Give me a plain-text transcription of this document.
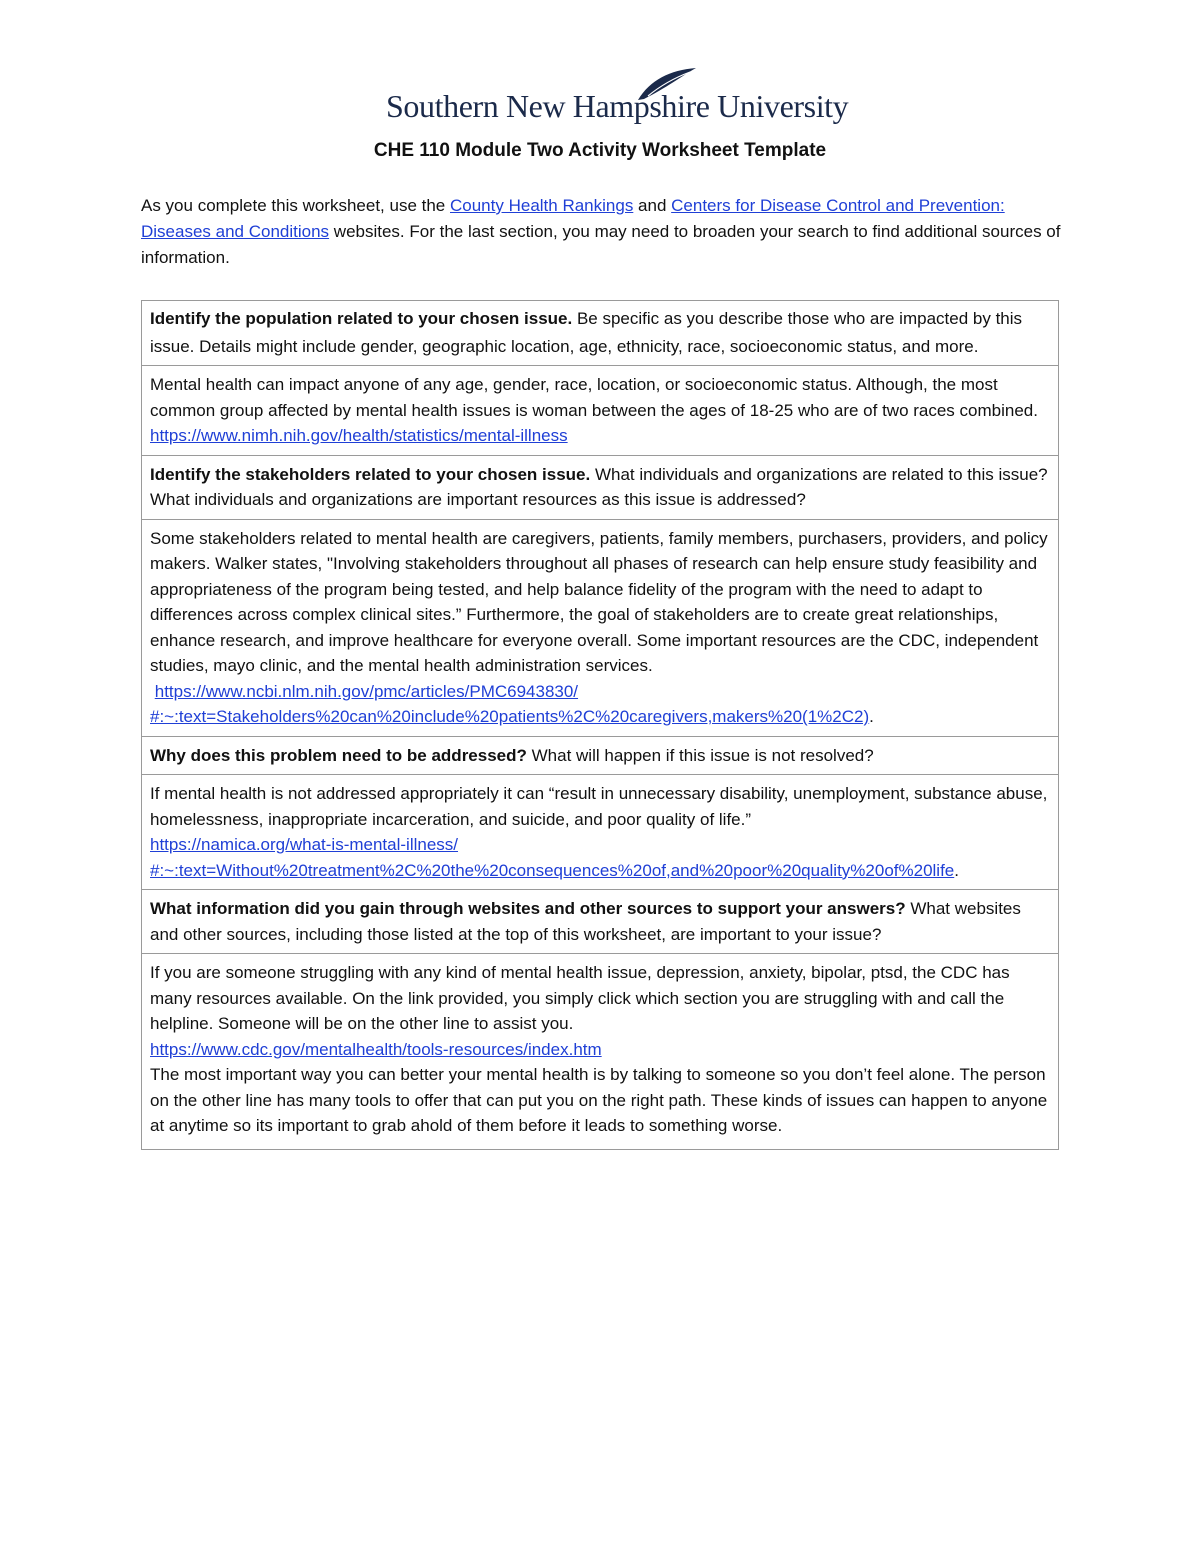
Southern New Hampshire University
CHE 110 Module Two Activity Worksheet Template

As you complete this worksheet, use the County Health Rankings and Centers for Disease Control and Prevention: Diseases and Conditions websites. For the last section, you may need to broaden your search to find additional sources of information.

Identify the population related to your chosen issue. Be specific as you describe those who are impacted by this issue. Details might include gender, geographic location, age, ethnicity, race, socioeconomic status, and more.

Mental health can impact anyone of any age, gender, race, location, or socioeconomic status. Although, the most common group affected by mental health issues is woman between the ages of 18-25 who are of two races combined.

https://www.nimh.nih.gov/health/statistics/mental-illness

Identify the stakeholders related to your chosen issue. What individuals and organizations are related to this issue? What individuals and organizations are important resources as this issue is addressed?

Some stakeholders related to mental health are caregivers, patients, family members, purchasers, providers, and policy makers. Walker states, "Involving stakeholders throughout all phases of research can help ensure study feasibility and appropriateness of the program being tested, and help balance fidelity of the program with the need to adapt to differences across complex clinical sites.” Furthermore, the goal of stakeholders are to create great relationships, enhance research, and improve healthcare for everyone overall. Some important resources are the CDC, independent studies, mayo clinic, and the mental health administration services.

https://www.ncbi.nlm.nih.gov/pmc/articles/PMC6943830/

#:~:text=Stakeholders%20can%20include%20patients%2C%20caregivers,makers%20(1%2C2).

Why does this problem need to be addressed? What will happen if this issue is not resolved?

If mental health is not addressed appropriately it can “result in unnecessary disability, unemployment, substance abuse, homelessness, inappropriate incarceration, and suicide, and poor quality of life.”

https://namica.org/what-is-mental-illness/

#:~:text=Without%20treatment%2C%20the%20consequences%20of,and%20poor%20quality%20of%20life.

What information did you gain through websites and other sources to support your answers? What websites and other sources, including those listed at the top of this worksheet, are important to your issue?

If you are someone struggling with any kind of mental health issue, depression, anxiety, bipolar, ptsd, the CDC has many resources available. On the link provided, you simply click which section you are struggling with and call the helpline. Someone will be on the other line to assist you.

https://www.cdc.gov/mentalhealth/tools-resources/index.htm

The most important way you can better your mental health is by talking to someone so you don’t feel alone. The person on the other line has many tools to offer that can put you on the right path. These kinds of issues can happen to anyone at anytime so its important to grab ahold of them before it leads to something worse.
